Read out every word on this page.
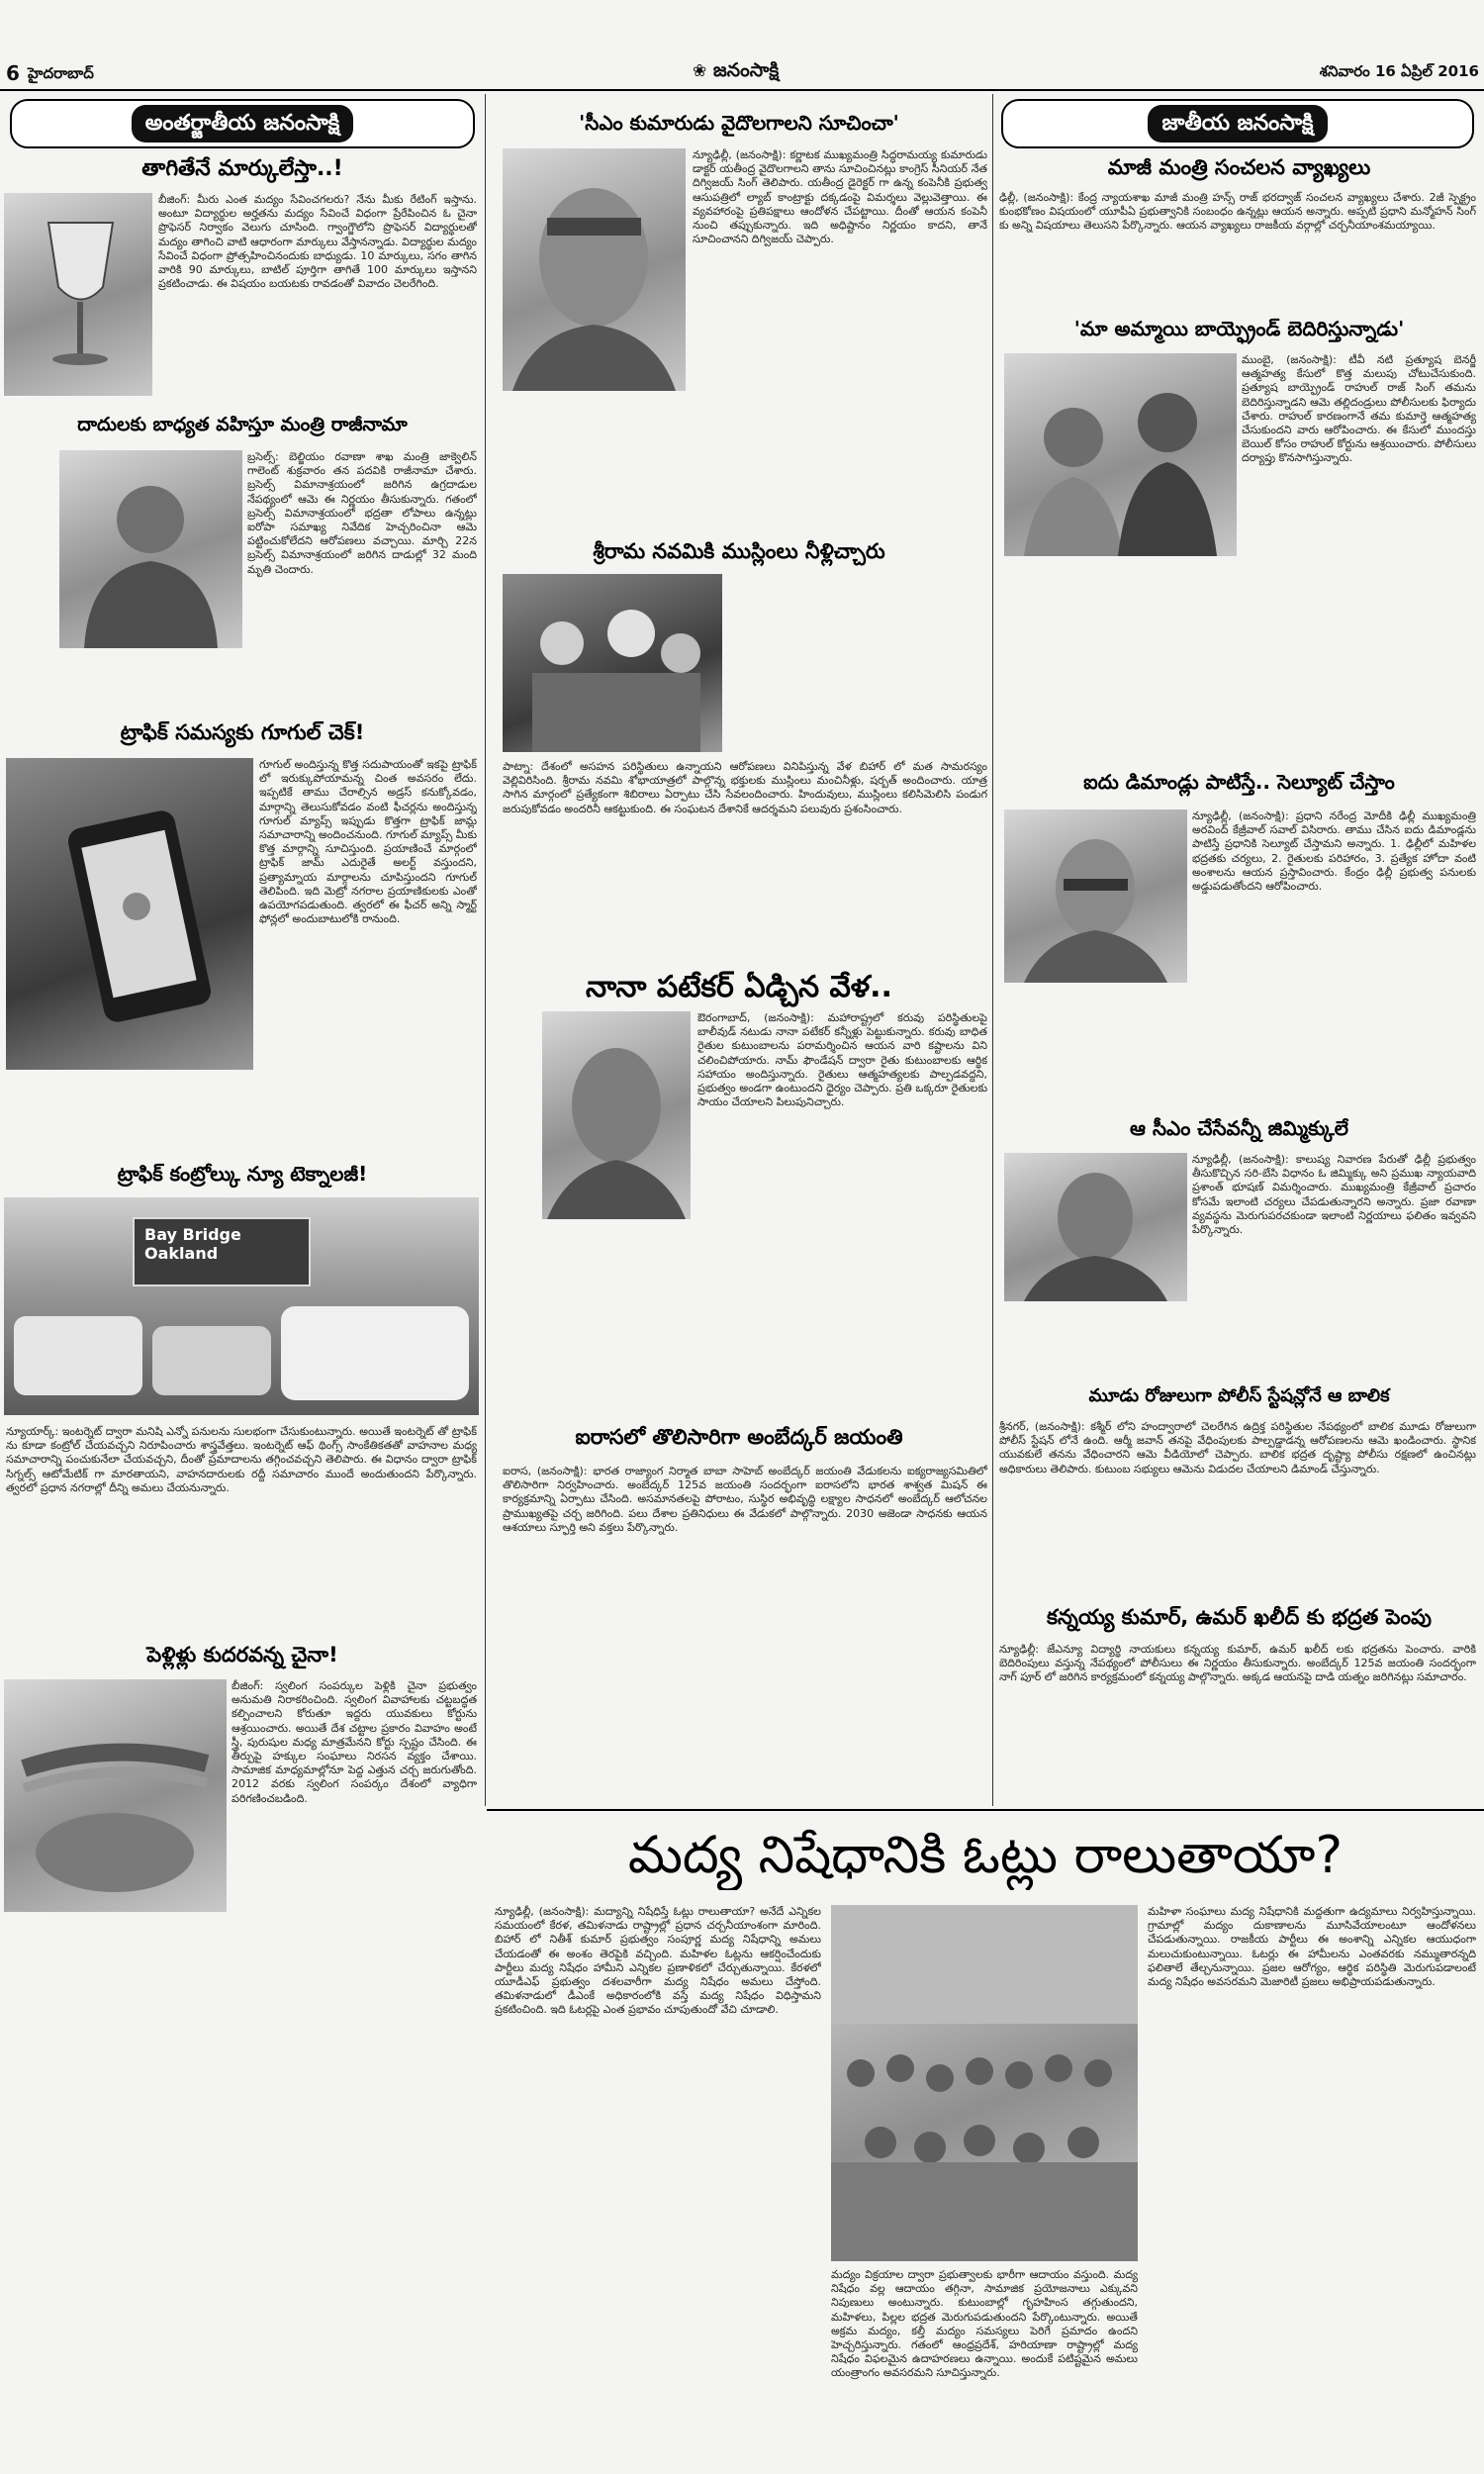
6 హైదరాబాద్	❀ జనంసాక్షి	శనివారం 16 ఏప్రిల్ 2016
అంతర్జాతీయ జనంసాక్షి	జాతీయ జనంసాక్షి
తాగితేనే మార్కులేస్తా..!
బీజింగ్: మీరు ఎంత మద్యం సేవించగలరు? నేను మీకు రేటింగ్ ఇస్తాను. అంటూ విద్యార్థుల అర్హతను మద్యం సేవించే విధంగా ప్రేరేపించిన ఓ చైనా ప్రొఫెసర్ నిర్వాకం వెలుగు చూసింది. గ్వాంగ్జౌలోని ప్రొఫెసర్ విద్యార్థులతో మద్యం తాగించి వాటి ఆధారంగా మార్కులు వేస్తానన్నాడు. విద్యార్థుల మద్యం సేవించే విధంగా ప్రోత్సహించినందుకు బాధ్యుడు. 10 మార్కులు, సగం తాగిన వారికి 90 మార్కులు, బాటిల్ పూర్తిగా తాగితే 100 మార్కులు ఇస్తానని ప్రకటించాడు. ఈ విషయం బయటకు రావడంతో వివాదం చెలరేగింది.
దాదులకు బాధ్యత వహిస్తూ మంత్రి రాజీనామా
బ్రసెల్స్: బెల్జియం రవాణా శాఖ మంత్రి జాక్వెలిన్ గాలెంట్ శుక్రవారం తన పదవికి రాజీనామా చేశారు. బ్రసెల్స్ విమానాశ్రయంలో జరిగిన ఉగ్రదాడుల నేపథ్యంలో ఆమె ఈ నిర్ణయం తీసుకున్నారు. గతంలో బ్రసెల్స్ విమానాశ్రయంలో భద్రతా లోపాలు ఉన్నట్లు ఐరోపా సమాఖ్య నివేదిక హెచ్చరించినా ఆమె పట్టించుకోలేదని ఆరోపణలు వచ్చాయి. మార్చి 22న బ్రసెల్స్ విమానాశ్రయంలో జరిగిన దాడుల్లో 32 మంది మృతి చెందారు.
ట్రాఫిక్ సమస్యకు గూగుల్ చెక్!
గూగుల్ అందిస్తున్న కొత్త సదుపాయంతో ఇకపై ట్రాఫిక్ లో ఇరుక్కుపోయామన్న చింత అవసరం లేదు. ఇప్పటికే తాము చేరాల్సిన అడ్రస్ కనుక్కోవడం, మార్గాన్ని తెలుసుకోవడం వంటి ఫీచర్లను అందిస్తున్న గూగుల్ మ్యాప్స్ ఇప్పుడు కొత్తగా ట్రాఫిక్ జామ్ల సమాచారాన్ని అందించనుంది. గూగుల్ మ్యాప్స్ మీకు కొత్త మార్గాన్ని సూచిస్తుంది. ప్రయాణించే మార్గంలో ట్రాఫిక్ జామ్ ఎదురైతే అలర్ట్ వస్తుందని, ప్రత్యామ్నాయ మార్గాలను చూపిస్తుందని గూగుల్ తెలిపింది. ఇది మెట్రో నగరాల ప్రయాణికులకు ఎంతో ఉపయోగపడుతుంది. త్వరలో ఈ ఫీచర్ అన్ని స్మార్ట్ ఫోన్లలో అందుబాటులోకి రానుంది.
ట్రాఫిక్ కంట్రోల్కు న్యూ టెక్నాలజీ!
Bay Bridge Oakland
న్యూయార్క్: ఇంటర్నెట్ ద్వారా మనిషి ఎన్నో పనులను సులభంగా చేసుకుంటున్నారు. అయితే ఇంటర్నెట్ తో ట్రాఫిక్ ను కూడా కంట్రోల్ చేయవచ్చని నిరూపించారు శాస్త్రవేత్తలు. ఇంటర్నెట్ ఆఫ్ థింగ్స్ సాంకేతికతతో వాహనాల మధ్య సమాచారాన్ని పంచుకునేలా చేయవచ్చని, దీంతో ప్రమాదాలను తగ్గించవచ్చని తెలిపారు. ఈ విధానం ద్వారా ట్రాఫిక్ సిగ్నల్స్ ఆటోమేటిక్ గా మారతాయని, వాహనదారులకు రద్దీ సమాచారం ముందే అందుతుందని పేర్కొన్నారు. త్వరలో ప్రధాన నగరాల్లో దీన్ని అమలు చేయనున్నారు.
పెళ్లిళ్లు కుదరవన్న చైనా!
బీజింగ్: స్వలింగ సంపర్కుల పెళ్లికి చైనా ప్రభుత్వం అనుమతి నిరాకరించింది. స్వలింగ వివాహాలకు చట్టబద్ధత కల్పించాలని కోరుతూ ఇద్దరు యువకులు కోర్టును ఆశ్రయించారు. అయితే దేశ చట్టాల ప్రకారం వివాహం అంటే స్త్రీ, పురుషుల మధ్య మాత్రమేనని కోర్టు స్పష్టం చేసింది. ఈ తీర్పుపై హక్కుల సంఘాలు నిరసన వ్యక్తం చేశాయి. సామాజిక మాధ్యమాల్లోనూ పెద్ద ఎత్తున చర్చ జరుగుతోంది. 2012 వరకు స్వలింగ సంపర్కం దేశంలో వ్యాధిగా పరిగణించబడింది.
'సీఎం కుమారుడు వైదొలగాలని సూచించా'
న్యూఢిల్లీ, (జనంసాక్షి): కర్ణాటక ముఖ్యమంత్రి సిద్ధరామయ్య కుమారుడు డాక్టర్ యతీంద్ర వైదొలగాలని తాను సూచించినట్లు కాంగ్రెస్ సీనియర్ నేత దిగ్విజయ్ సింగ్ తెలిపారు. యతీంద్ర డైరెక్టర్ గా ఉన్న కంపెనీకి ప్రభుత్వ ఆసుపత్రిలో ల్యాబ్ కాంట్రాక్టు దక్కడంపై విమర్శలు వెల్లువెత్తాయి. ఈ వ్యవహారంపై ప్రతిపక్షాలు ఆందోళన చేపట్టాయి. దీంతో ఆయన కంపెనీ నుంచి తప్పుకున్నారు. ఇది అధిష్టానం నిర్ణయం కాదని, తానే సూచించానని దిగ్విజయ్ చెప్పారు.
శ్రీరామ నవమికి ముస్లింలు నీళ్లిచ్చారు
పాట్నా: దేశంలో అసహన పరిస్థితులు ఉన్నాయని ఆరోపణలు వినిపిస్తున్న వేళ బిహార్ లో మత సామరస్యం వెల్లివిరిసింది. శ్రీరామ నవమి శోభాయాత్రలో పాల్గొన్న భక్తులకు ముస్లింలు మంచినీళ్లు, షర్బత్ అందించారు. యాత్ర సాగిన మార్గంలో ప్రత్యేకంగా శిబిరాలు ఏర్పాటు చేసి సేవలందించారు. హిందువులు, ముస్లింలు కలిసిమెలిసి పండుగ జరుపుకోవడం అందరినీ ఆకట్టుకుంది. ఈ సంఘటన దేశానికే ఆదర్శమని పలువురు ప్రశంసించారు.
నానా పటేకర్ ఏడ్చిన వేళ..
ఔరంగాబాద్, (జనంసాక్షి): మహారాష్ట్రలో కరువు పరిస్థితులపై బాలీవుడ్ నటుడు నానా పటేకర్ కన్నీళ్లు పెట్టుకున్నారు. కరువు బాధిత రైతుల కుటుంబాలను పరామర్శించిన ఆయన వారి కష్టాలను విని చలించిపోయారు. నామ్ ఫౌండేషన్ ద్వారా రైతు కుటుంబాలకు ఆర్థిక సహాయం అందిస్తున్నారు. రైతులు ఆత్మహత్యలకు పాల్పడవద్దని, ప్రభుత్వం అండగా ఉంటుందని ధైర్యం చెప్పారు. ప్రతి ఒక్కరూ రైతులకు సాయం చేయాలని పిలుపునిచ్చారు.
ఐరాసలో తొలిసారిగా అంబేద్కర్ జయంతి
ఐరాస, (జనంసాక్షి): భారత రాజ్యాంగ నిర్మాత బాబా సాహెబ్ అంబేద్కర్ జయంతి వేడుకలను ఐక్యరాజ్యసమితిలో తొలిసారిగా నిర్వహించారు. అంబేద్కర్ 125వ జయంతి సందర్భంగా ఐరాసలోని భారత శాశ్వత మిషన్ ఈ కార్యక్రమాన్ని ఏర్పాటు చేసింది. అసమానతలపై పోరాటం, సుస్థిర అభివృద్ధి లక్ష్యాల సాధనలో అంబేద్కర్ ఆలోచనల ప్రాముఖ్యతపై చర్చ జరిగింది. పలు దేశాల ప్రతినిధులు ఈ వేడుకలో పాల్గొన్నారు. 2030 అజెండా సాధనకు ఆయన ఆశయాలు స్ఫూర్తి అని వక్తలు పేర్కొన్నారు.
మాజీ మంత్రి సంచలన వ్యాఖ్యలు
ఢిల్లీ, (జనంసాక్షి): కేంద్ర న్యాయశాఖ మాజీ మంత్రి హన్స్ రాజ్ భరద్వాజ్ సంచలన వ్యాఖ్యలు చేశారు. 2జీ స్పెక్ట్రం కుంభకోణం విషయంలో యూపీఏ ప్రభుత్వానికి సంబంధం ఉన్నట్లు ఆయన అన్నారు. అప్పటి ప్రధాని మన్మోహన్ సింగ్ కు అన్ని విషయాలు తెలుసని పేర్కొన్నారు. ఆయన వ్యాఖ్యలు రాజకీయ వర్గాల్లో చర్చనీయాంశమయ్యాయి.
'మా అమ్మాయి బాయ్ఫ్రెండ్ బెదిరిస్తున్నాడు'
ముంబై, (జనంసాక్షి): టీవీ నటి ప్రత్యూష బెనర్జీ ఆత్మహత్య కేసులో కొత్త మలుపు చోటుచేసుకుంది. ప్రత్యూష బాయ్ఫ్రెండ్ రాహుల్ రాజ్ సింగ్ తమను బెదిరిస్తున్నాడని ఆమె తల్లిదండ్రులు పోలీసులకు ఫిర్యాదు చేశారు. రాహుల్ కారణంగానే తమ కుమార్తె ఆత్మహత్య చేసుకుందని వారు ఆరోపించారు. ఈ కేసులో ముందస్తు బెయిల్ కోసం రాహుల్ కోర్టును ఆశ్రయించారు. పోలీసులు దర్యాప్తు కొనసాగిస్తున్నారు.
ఐదు డిమాండ్లు పాటిస్తే.. సెల్యూట్ చేస్తాం
న్యూఢిల్లీ, (జనంసాక్షి): ప్రధాని నరేంద్ర మోదీకి ఢిల్లీ ముఖ్యమంత్రి అరవింద్ కేజ్రీవాల్ సవాల్ విసిరారు. తాము చేసిన ఐదు డిమాండ్లను పాటిస్తే ప్రధానికి సెల్యూట్ చేస్తామని అన్నారు. 1. ఢిల్లీలో మహిళల భద్రతకు చర్యలు, 2. రైతులకు పరిహారం, 3. ప్రత్యేక హోదా వంటి అంశాలను ఆయన ప్రస్తావించారు. కేంద్రం ఢిల్లీ ప్రభుత్వ పనులకు అడ్డుపడుతోందని ఆరోపించారు.
ఆ సీఎం చేసేవన్నీ జిమ్మిక్కులే
న్యూఢిల్లీ, (జనంసాక్షి): కాలుష్య నివారణ పేరుతో ఢిల్లీ ప్రభుత్వం తీసుకొచ్చిన సరి-బేసి విధానం ఓ జిమ్మిక్కు అని ప్రముఖ న్యాయవాది ప్రశాంత్ భూషణ్ విమర్శించారు. ముఖ్యమంత్రి కేజ్రీవాల్ ప్రచారం కోసమే ఇలాంటి చర్యలు చేపడుతున్నారని అన్నారు. ప్రజా రవాణా వ్యవస్థను మెరుగుపరచకుండా ఇలాంటి నిర్ణయాలు ఫలితం ఇవ్వవని పేర్కొన్నారు.
మూడు రోజులుగా పోలీస్ స్టేషన్లోనే ఆ బాలిక
శ్రీనగర్, (జనంసాక్షి): కశ్మీర్ లోని హంద్వారాలో చెలరేగిన ఉద్రిక్త పరిస్థితుల నేపథ్యంలో బాలిక మూడు రోజులుగా పోలీస్ స్టేషన్ లోనే ఉంది. ఆర్మీ జవాన్ తనపై వేధింపులకు పాల్పడ్డాడన్న ఆరోపణలను ఆమె ఖండించారు. స్థానిక యువకులే తనను వేధించారని ఆమె వీడియోలో చెప్పారు. బాలిక భద్రత దృష్ట్యా పోలీసు రక్షణలో ఉంచినట్లు అధికారులు తెలిపారు. కుటుంబ సభ్యులు ఆమెను విడుదల చేయాలని డిమాండ్ చేస్తున్నారు.
కన్నయ్య కుమార్, ఉమర్ ఖలీద్ కు భద్రత పెంపు
న్యూఢిల్లీ: జేఎన్యూ విద్యార్థి నాయకులు కన్నయ్య కుమార్, ఉమర్ ఖలీద్ లకు భద్రతను పెంచారు. వారికి బెదిరింపులు వస్తున్న నేపథ్యంలో పోలీసులు ఈ నిర్ణయం తీసుకున్నారు. అంబేద్కర్ 125వ జయంతి సందర్భంగా నాగ్ పూర్ లో జరిగిన కార్యక్రమంలో కన్నయ్య పాల్గొన్నారు. అక్కడ ఆయనపై దాడి యత్నం జరిగినట్లు సమాచారం.
మద్య నిషేధానికి ఓట్లు రాలుతాయా?
న్యూఢిల్లీ, (జనంసాక్షి): మద్యాన్ని నిషేధిస్తే ఓట్లు రాలుతాయా? అనేదే ఎన్నికల సమయంలో కేరళ, తమిళనాడు రాష్ట్రాల్లో ప్రధాన చర్చనీయాంశంగా మారింది. బిహార్ లో నితీశ్ కుమార్ ప్రభుత్వం సంపూర్ణ మద్య నిషేధాన్ని అమలు చేయడంతో ఈ అంశం తెరపైకి వచ్చింది. మహిళల ఓట్లను ఆకర్షించేందుకు పార్టీలు మద్య నిషేధం హామీని ఎన్నికల ప్రణాళికలో చేర్చుతున్నాయి. కేరళలో యూడీఎఫ్ ప్రభుత్వం దశలవారీగా మద్య నిషేధం అమలు చేస్తోంది. తమిళనాడులో డీఎంకే అధికారంలోకి వస్తే మద్య నిషేధం విధిస్తామని ప్రకటించింది. ఇది ఓటర్లపై ఎంత ప్రభావం చూపుతుందో వేచి చూడాలి.
మద్యం విక్రయాల ద్వారా ప్రభుత్వాలకు భారీగా ఆదాయం వస్తుంది. మద్య నిషేధం వల్ల ఆదాయం తగ్గినా, సామాజిక ప్రయోజనాలు ఎక్కువని నిపుణులు అంటున్నారు. కుటుంబాల్లో గృహహింస తగ్గుతుందని, మహిళలు, పిల్లల భద్రత మెరుగుపడుతుందని పేర్కొంటున్నారు. అయితే అక్రమ మద్యం, కల్తీ మద్యం సమస్యలు పెరిగే ప్రమాదం ఉందని హెచ్చరిస్తున్నారు. గతంలో ఆంధ్రప్రదేశ్, హరియాణా రాష్ట్రాల్లో మద్య నిషేధం విఫలమైన ఉదాహరణలు ఉన్నాయి. అందుకే పటిష్టమైన అమలు యంత్రాంగం అవసరమని సూచిస్తున్నారు.
మహిళా సంఘాలు మద్య నిషేధానికి మద్దతుగా ఉద్యమాలు నిర్వహిస్తున్నాయి. గ్రామాల్లో మద్యం దుకాణాలను మూసివేయాలంటూ ఆందోళనలు చేపడుతున్నాయి. రాజకీయ పార్టీలు ఈ అంశాన్ని ఎన్నికల ఆయుధంగా మలుచుకుంటున్నాయి. ఓటర్లు ఈ హామీలను ఎంతవరకు నమ్ముతారన్నది ఫలితాలే తేల్చనున్నాయి. ప్రజల ఆరోగ్యం, ఆర్థిక పరిస్థితి మెరుగుపడాలంటే మద్య నిషేధం అవసరమని మెజారిటీ ప్రజలు అభిప్రాయపడుతున్నారు.
